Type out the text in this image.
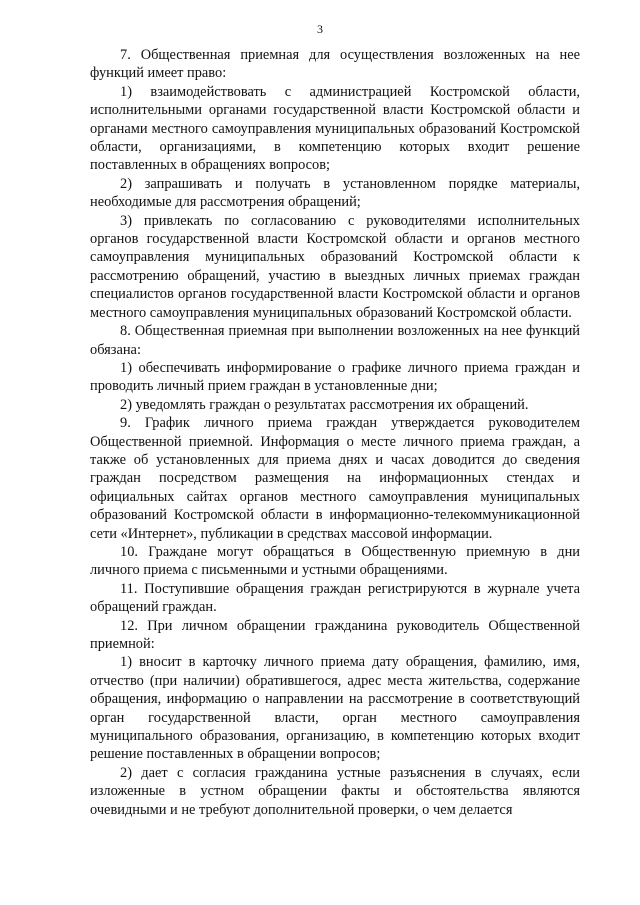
3

7. Общественная приемная для осуществления возложенных на нее функций имеет право:

1) взаимодействовать с администрацией Костромской области, исполнительными органами государственной власти Костромской области и органами местного самоуправления муниципальных образований Костромской области, организациями, в компетенцию которых входит решение поставленных в обращениях вопросов;

2) запрашивать и получать в установленном порядке материалы, необходимые для рассмотрения обращений;

3) привлекать по согласованию с руководителями исполнительных органов государственной власти Костромской области и органов местного самоуправления муниципальных образований Костромской области к рассмотрению обращений, участию в выездных личных приемах граждан специалистов органов государственной власти Костромской области и органов местного самоуправления муниципальных образований Костромской области.

8. Общественная приемная при выполнении возложенных на нее функций обязана:

1) обеспечивать информирование о графике личного приема граждан и проводить личный прием граждан в установленные дни;

2) уведомлять граждан о результатах рассмотрения их обращений.

9. График личного приема граждан утверждается руководителем Общественной приемной. Информация о месте личного приема граждан, а также об установленных для приема днях и часах доводится до сведения граждан посредством размещения на информационных стендах и официальных сайтах органов местного самоуправления муниципальных образований Костромской области в информационно-телекоммуникационной сети «Интернет», публикации в средствах массовой информации.

10. Граждане могут обращаться в Общественную приемную в дни личного приема с письменными и устными обращениями.

11. Поступившие обращения граждан регистрируются в журнале учета обращений граждан.

12. При личном обращении гражданина руководитель Общественной приемной:

1) вносит в карточку личного приема дату обращения, фамилию, имя, отчество (при наличии) обратившегося, адрес места жительства, содержание обращения, информацию о направлении на рассмотрение в соответствующий орган государственной власти, орган местного самоуправления муниципального образования, организацию, в компетенцию которых входит решение поставленных в обращении вопросов;

2) дает с согласия гражданина устные разъяснения в случаях, если изложенные в устном обращении факты и обстоятельства являются очевидными и не требуют дополнительной проверки, о чем делается
